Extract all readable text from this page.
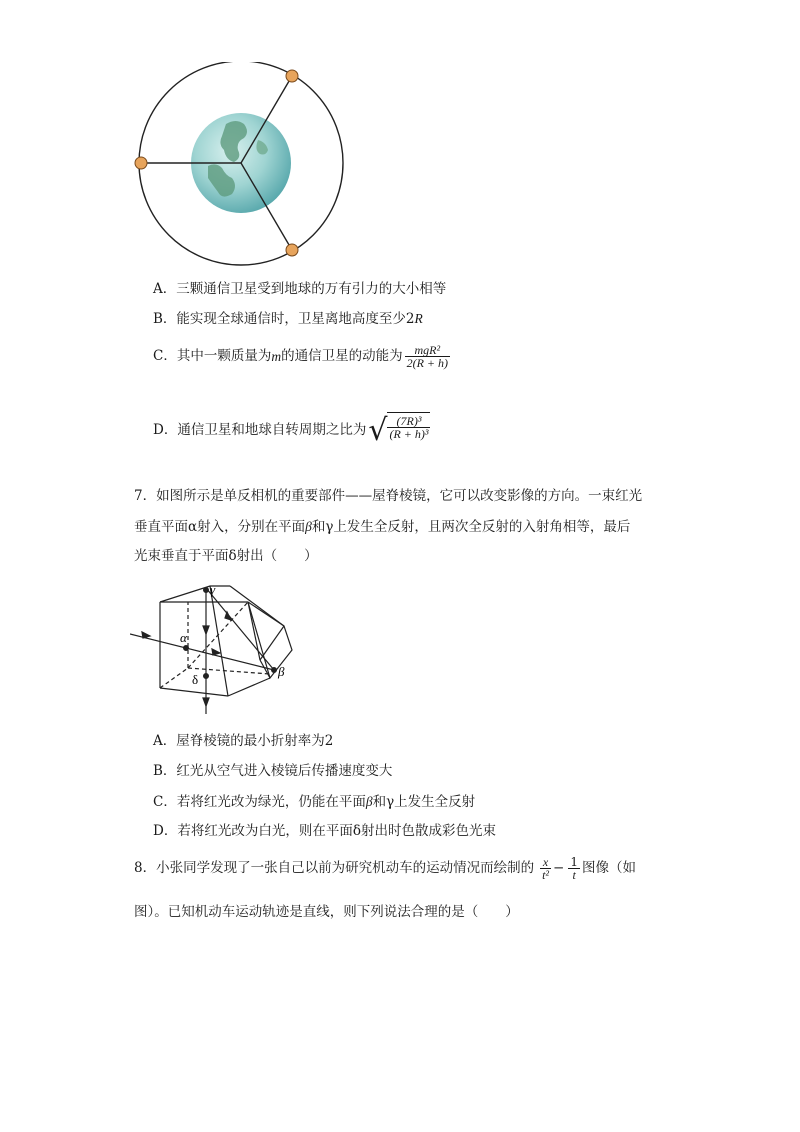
A．三颗通信卫星受到地球的万有引力的大小相等
B．能实现全球通信时，卫星离地高度至少2R
C．其中一颗质量为 m 的通信卫星的动能为 $\frac{\text{mgR²}}{2(R + h)}$
D．通信卫星和地球自转周期之比为 √ $\frac{\text{(7R)³}}{\text{(R + h)³}}$
7．如图所示是单反相机的重要部件——屋脊棱镜，它可以改变影像的方向。一束红光
垂直平面α射入，分别在平面β和γ上发生全反射，且两次全反射的入射角相等，最后
光束垂直于平面δ射出（　　）
α
γ
δ
β
A．屋脊棱镜的最小折射率为2
B．红光从空气进入棱镜后传播速度变大
C．若将红光改为绿光，仍能在平面β和γ上发生全反射
D．若将红光改为白光，则在平面δ射出时色散成彩色光束
8．小张同学发现了一张自己以前为研究机动车的运动情况而绘制的 $\frac{x}{\text{t²}} - \frac{1}{t}$ 图像（如
图）。已知机动车运动轨迹是直线，则下列说法合理的是（　　）
